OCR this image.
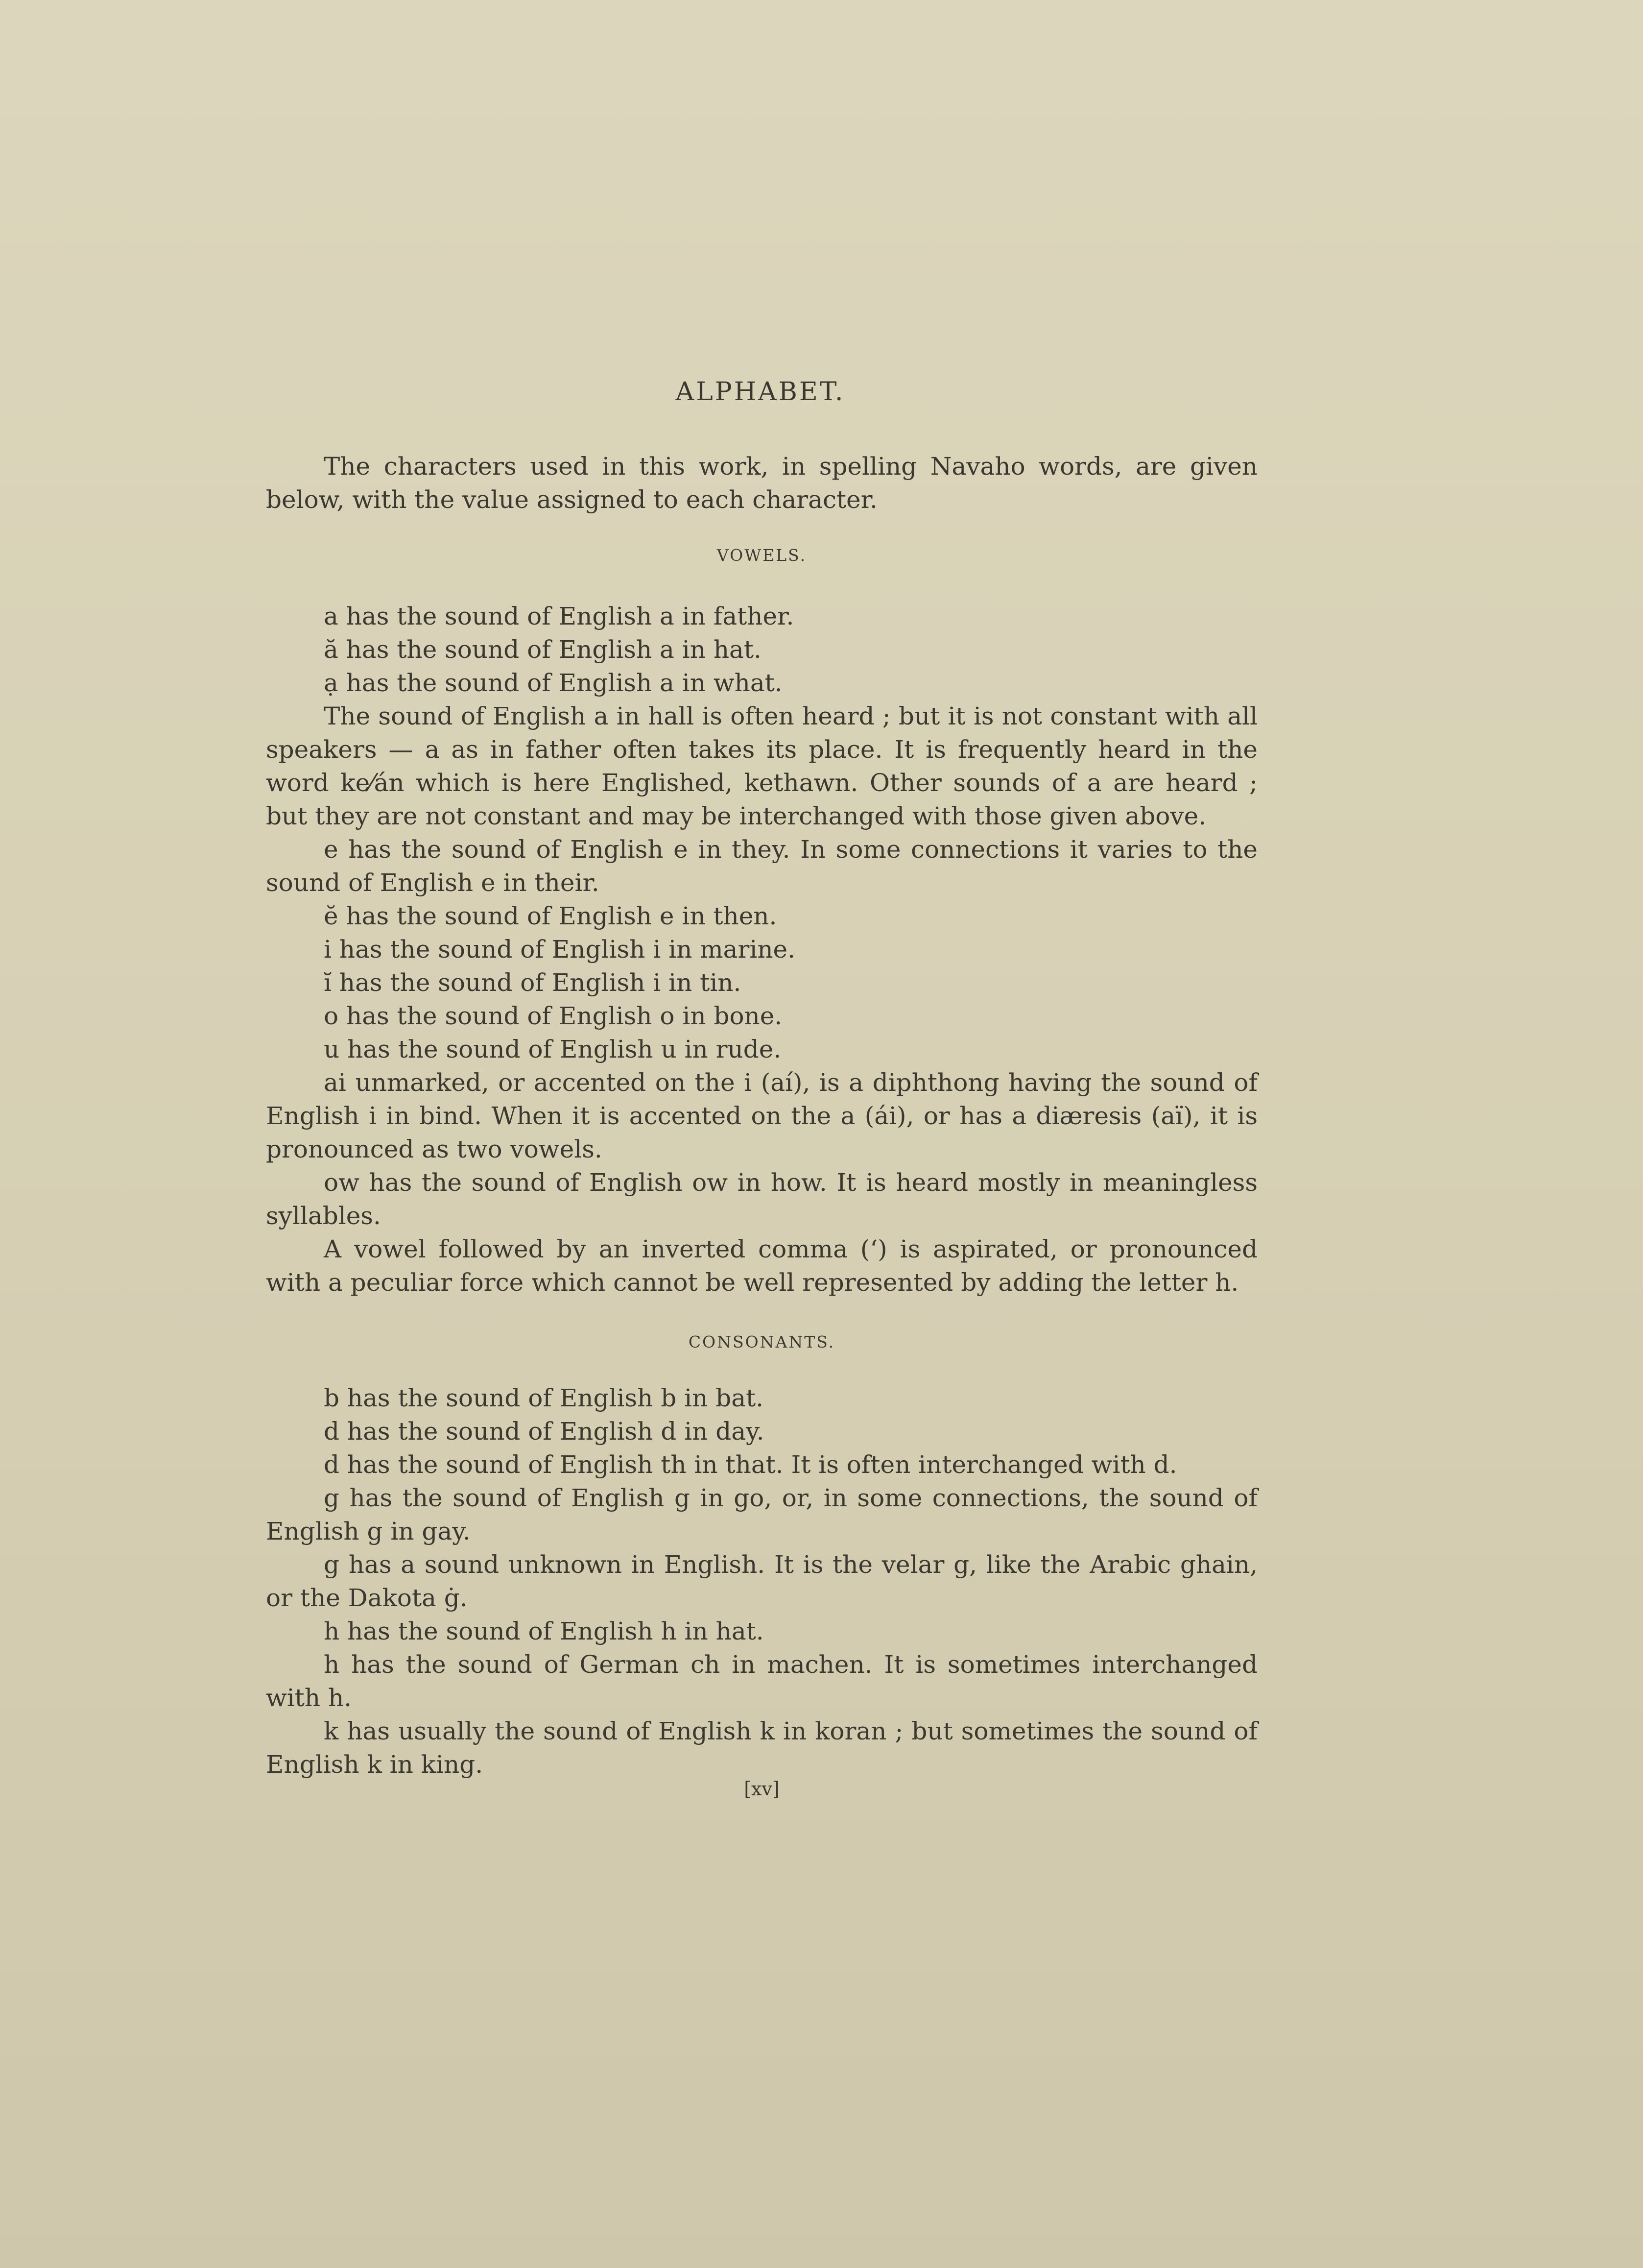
ALPHABET.

The characters used in this work, in spelling Navaho words, are given below, with the value assigned to each character.

VOWELS.

a has the sound of English a in father.

ă has the sound of English a in hat.

ạ has the sound of English a in what.

The sound of English a in hall is often heard ; but it is not constant with all speakers — a as in father often takes its place. It is frequently heard in the word ke⁄án which is here Englished, kethawn. Other sounds of a are heard ; but they are not constant and may be interchanged with those given above.

e has the sound of English e in they. In some connections it varies to the sound of English e in their.

ĕ has the sound of English e in then.

i has the sound of English i in marine.

ĭ has the sound of English i in tin.

o has the sound of English o in bone.

u has the sound of English u in rude.

ai unmarked, or accented on the i (aí), is a diphthong having the sound of English i in bind. When it is accented on the a (ái), or has a diæresis (aï), it is pronounced as two vowels.

ow has the sound of English ow in how. It is heard mostly in meaningless syllables.

A vowel followed by an inverted comma (‘) is aspirated, or pronounced with a peculiar force which cannot be well represented by adding the letter h.

CONSONANTS.

b has the sound of English b in bat.

d has the sound of English d in day.

d has the sound of English th in that. It is often interchanged with d.

g has the sound of English g in go, or, in some connections, the sound of English g in gay.

g has a sound unknown in English. It is the velar g, like the Arabic ghain, or the Dakota ġ.

h has the sound of English h in hat.

h has the sound of German ch in machen. It is sometimes interchanged with h.

k has usually the sound of English k in koran ; but sometimes the sound of English k in king.

[xv]
